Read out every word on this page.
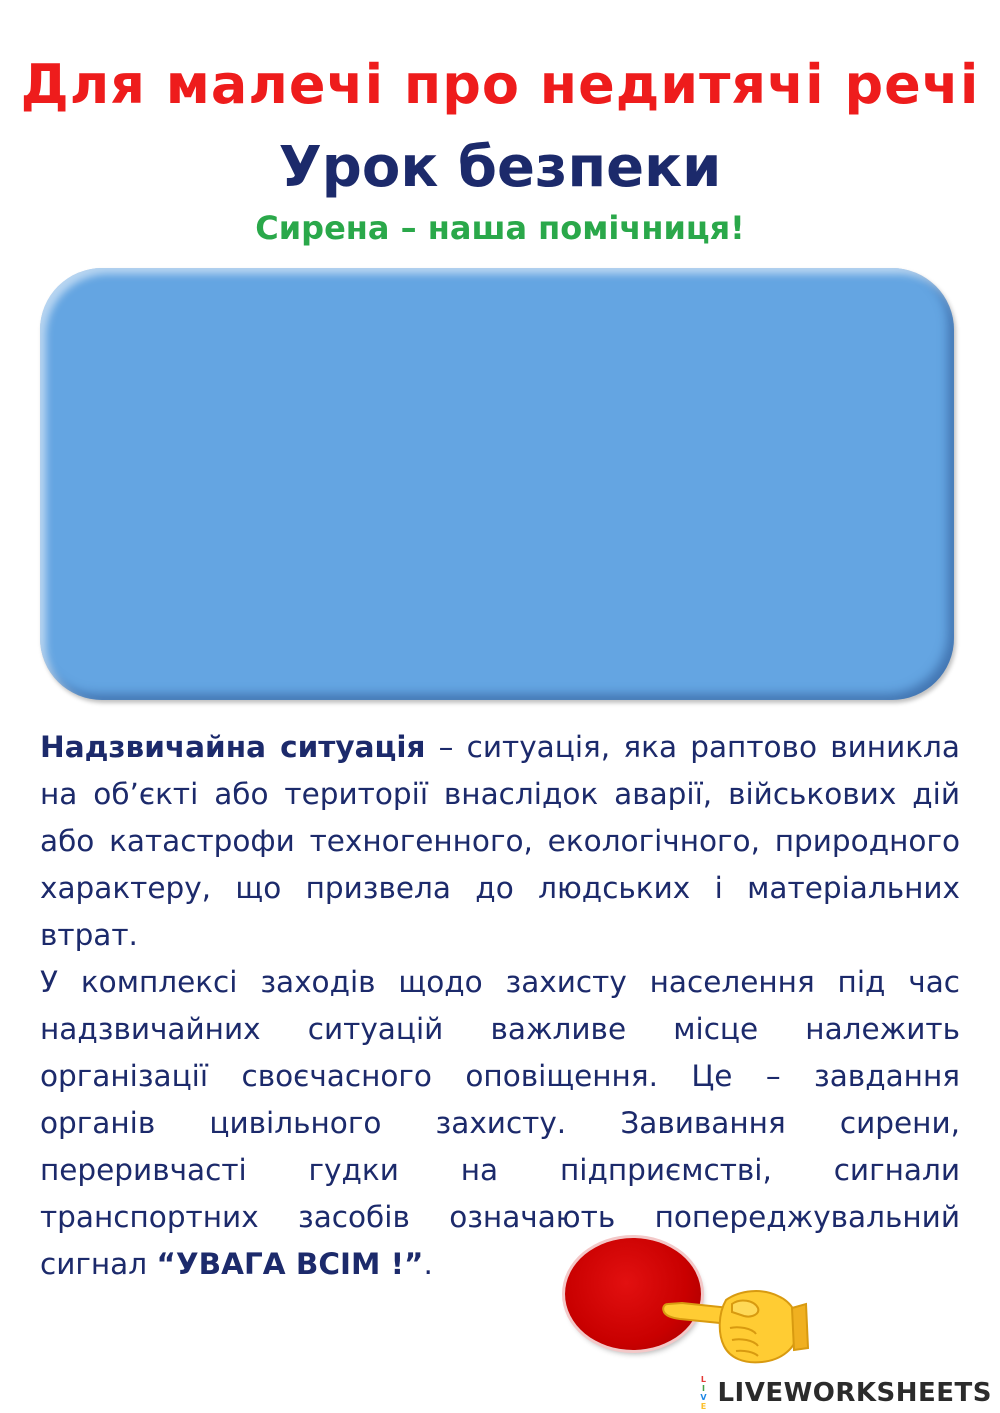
Для малечі про недитячі речі
Урок безпеки
Сирена – наша помічниця!

Надзвичайна ситуація – ситуація, яка раптово виникла на об’єкті або території внаслідок аварії, військових дій або катастрофи техногенного, екологічного, природного характеру, що призвела до людських і матеріальних втрат.

У комплексі заходів щодо захисту населення під час надзвичайних ситуацій важливе місце належить організації своєчасного оповіщення. Це – завдання органів цивільного захисту. Завивання сирени, переривчасті гудки на підприємстві, сигнали транспортних засобів означають попереджувальний сигнал “УВАГА ВСІМ !”.

L
I
V
E LIVEWORKSHEETS
